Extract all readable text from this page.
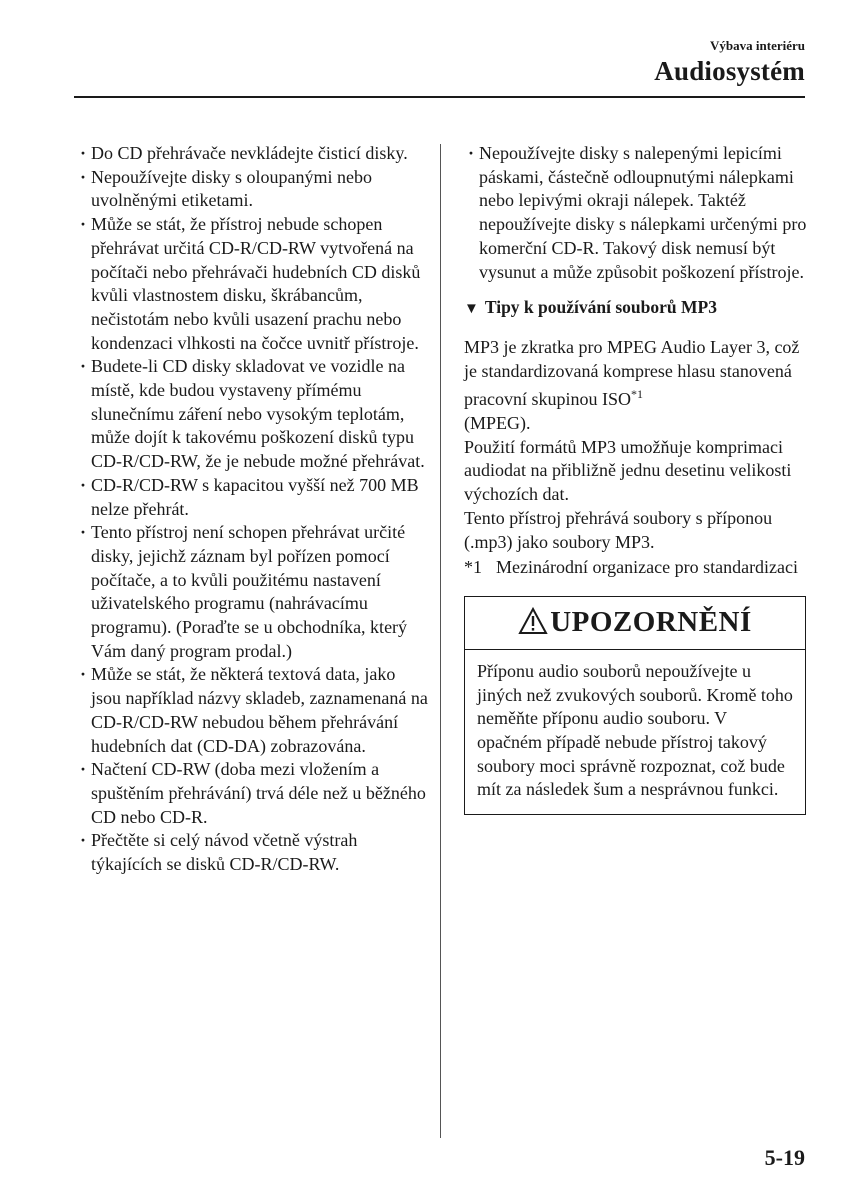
Výbava interiéru
Audiosystém
· Do CD přehrávače nevkládejte čisticí disky.
· Nepoužívejte disky s oloupanými nebo uvolněnými etiketami.
· Může se stát, že přístroj nebude schopen přehrávat určitá CD-R/CD-RW vytvořená na počítači nebo přehrávači hudebních CD disků kvůli vlastnostem disku, škrábancům, nečistotám nebo kvůli usazení prachu nebo kondenzaci vlhkosti na čočce uvnitř přístroje.
· Budete-li CD disky skladovat ve vozidle na místě, kde budou vystaveny přímému slunečnímu záření nebo vysokým teplotám, může dojít k takovému poškození disků typu CD-R/CD-RW, že je nebude možné přehrávat.
· CD-R/CD-RW s kapacitou vyšší než 700 MB nelze přehrát.
· Tento přístroj není schopen přehrávat určité disky, jejichž záznam byl pořízen pomocí počítače, a to kvůli použitému nastavení uživatelského programu (nahrávacímu programu). (Poraďte se u obchodníka, který Vám daný program prodal.)
· Může se stát, že některá textová data, jako jsou například názvy skladeb, zaznamenaná na CD-R/CD-RW nebudou během přehrávání hudebních dat (CD-DA) zobrazována.
· Načtení CD-RW (doba mezi vložením a spuštěním přehrávání) trvá déle než u běžného CD nebo CD-R.
· Přečtěte si celý návod včetně výstrah týkajících se disků CD-R/CD-RW.
· Nepoužívejte disky s nalepenými lepicími páskami, částečně odloupnutými nálepkami nebo lepivými okraji nálepek. Taktéž nepoužívejte disky s nálepkami určenými pro komerční CD-R. Takový disk nemusí být vysunut a může způsobit poškození přístroje.
▼ Tipy k používání souborů MP3

MP3 je zkratka pro MPEG Audio Layer 3, což je standardizovaná komprese hlasu stanovená pracovní skupinou ISO$^{*1}$
(MPEG).

Použití formátů MP3 umožňuje komprimaci audiodat na přibližně jednu desetinu velikosti výchozích dat.

Tento přístroj přehrává soubory s příponou (.mp3) jako soubory MP3.

*1 Mezinárodní organizace pro standardizaci
UPOZORNĚNÍ
Příponu audio souborů nepoužívejte u jiných než zvukových souborů. Kromě toho neměňte příponu audio souboru. V opačném případě nebude přístroj takový soubory moci správně rozpoznat, což bude mít za následek šum a nesprávnou funkci.
5-19
